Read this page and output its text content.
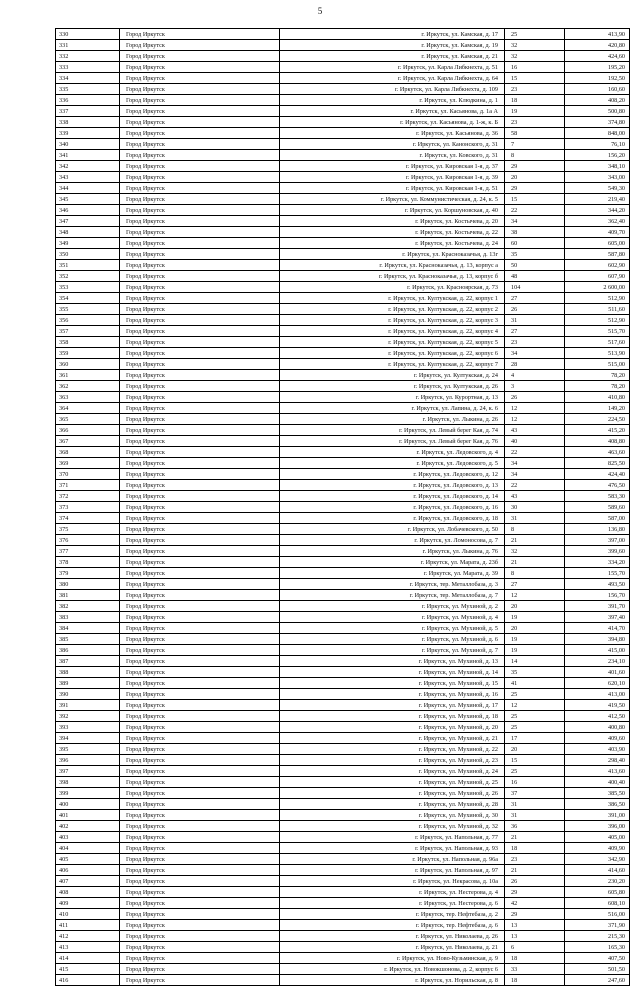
5
330	Город Иркутск	г. Иркутск, ул. Камская, д. 17	25	413,90
331	Город Иркутск	г. Иркутск, ул. Камская, д. 19	32	420,80
332	Город Иркутск	г. Иркутск, ул. Камская, д. 21	32	424,60
333	Город Иркутск	г. Иркутск, ул. Карла Либкнехта, д. 51	16	195,20
334	Город Иркутск	г. Иркутск, ул. Карла Либкнехта, д. 64	15	192,50
335	Город Иркутск	г. Иркутск, ул. Карла Либкнехта, д. 109	23	160,60
336	Город Иркутск	г. Иркутск, ул. Клюдкина, д. 1	18	408,20
337	Город Иркутск	г. Иркутск, ул. Касьянова, д. 1а А	19	500,80
338	Город Иркутск	г. Иркутск, ул. Касьянова, д. 1-ж, к. Б	23	374,80
339	Город Иркутск	г. Иркутск, ул. Касьянова, д. 36	58	848,00
340	Город Иркутск	г. Иркутск, ул. Канонского, д. 31	7	76,10
341	Город Иркутск	г. Иркутск, ул. Ковского, д. 31	8	156,20
342	Город Иркутск	г. Иркутск, ул. Кировская 1-я, д. 37	29	348,10
343	Город Иркутск	г. Иркутск, ул. Кировская 1-я, д. 39	20	343,00
344	Город Иркутск	г. Иркутск, ул. Кировская 1-я, д. 51	29	549,30
345	Город Иркутск	г. Иркутск, ул. Коммунистическая, д. 24, к. 5	15	219,40
346	Город Иркутск	г. Иркутск, ул. Коршуновская, д. 40	22	344,20
347	Город Иркутск	г. Иркутск, ул. Костычева, д. 20	34	362,40
348	Город Иркутск	г. Иркутск, ул. Костычева, д. 22	38	409,70
349	Город Иркутск	г. Иркутск, ул. Костычева, д. 24	60	605,00
350	Город Иркутск	г. Иркутск, ул. Красноказачья, д. 13г	35	587,80
351	Город Иркутск	г. Иркутск, ул. Красноказачья, д. 13, корпус а	50	602,90
352	Город Иркутск	г. Иркутск, ул. Красноказачья, д. 13, корпус б	48	607,90
353	Город Иркутск	г. Иркутск, ул. Красноярская, д. 73	104	2 600,00
354	Город Иркутск	г. Иркутск, ул. Култукская, д. 22, корпус 1	27	512,90
355	Город Иркутск	г. Иркутск, ул. Култукская, д. 22, корпус 2	26	511,60
356	Город Иркутск	г. Иркутск, ул. Култукская, д. 22, корпус 3	31	512,90
357	Город Иркутск	г. Иркутск, ул. Култукская, д. 22, корпус 4	27	515,70
358	Город Иркутск	г. Иркутск, ул. Култукская, д. 22, корпус 5	23	517,60
359	Город Иркутск	г. Иркутск, ул. Култукская, д. 22, корпус 6	34	513,90
360	Город Иркутск	г. Иркутск, ул. Култукская, д. 22, корпус 7	28	515,00
361	Город Иркутск	г. Иркутск, ул. Култукская, д. 24	4	78,20
362	Город Иркутск	г. Иркутск, ул. Култукская, д. 26	3	78,20
363	Город Иркутск	г. Иркутск, ул. Курортная, д. 13	26	410,80
364	Город Иркутск	г. Иркутск, ул. Лапина, д. 24, к. 6	12	149,20
365	Город Иркутск	г. Иркутск, ул. Лыкина, д. 26	12	224,50
366	Город Иркутск	г. Иркутск, ул. Левый берег Кая, д. 74	43	415,20
367	Город Иркутск	г. Иркутск, ул. Левый берег Кая, д. 76	40	408,80
368	Город Иркутск	г. Иркутск, ул. Ледовского, д. 4	22	463,60
369	Город Иркутск	г. Иркутск, ул. Ледовского, д. 5	34	825,50
370	Город Иркутск	г. Иркутск, ул. Ледовского, д. 12	34	424,40
371	Город Иркутск	г. Иркутск, ул. Ледовского, д. 13	22	476,50
372	Город Иркутск	г. Иркутск, ул. Ледовского, д. 14	43	583,30
373	Город Иркутск	г. Иркутск, ул. Ледовского, д. 16	30	589,60
374	Город Иркутск	г. Иркутск, ул. Ледовского, д. 18	31	587,00
375	Город Иркутск	г. Иркутск, ул. Лобачевского, д. 50	8	136,80
376	Город Иркутск	г. Иркутск, ул. Ломоносова, д. 7	21	397,00
377	Город Иркутск	г. Иркутск, ул. Лыкина, д. 76	32	399,60
378	Город Иркутск	г. Иркутск, ул. Марата, д. 23б	21	334,20
379	Город Иркутск	г. Иркутск, ул. Марата, д. 39	8	155,70
380	Город Иркутск	г. Иркутск, тер. Металлобаза, д. 3	27	493,50
381	Город Иркутск	г. Иркутск, тер. Металлобаза, д. 7	12	156,70
382	Город Иркутск	г. Иркутск, ул. Мухиной, д. 2	20	391,70
383	Город Иркутск	г. Иркутск, ул. Мухиной, д. 4	19	397,40
384	Город Иркутск	г. Иркутск, ул. Мухиной, д. 5	20	414,70
385	Город Иркутск	г. Иркутск, ул. Мухиной, д. 6	19	394,80
386	Город Иркутск	г. Иркутск, ул. Мухиной, д. 7	19	415,00
387	Город Иркутск	г. Иркутск, ул. Мухиной, д. 13	14	234,10
388	Город Иркутск	г. Иркутск, ул. Мухиной, д. 14	35	401,60
389	Город Иркутск	г. Иркутск, ул. Мухиной, д. 15	41	620,10
390	Город Иркутск	г. Иркутск, ул. Мухиной, д. 16	25	413,00
391	Город Иркутск	г. Иркутск, ул. Мухиной, д. 17	12	419,50
392	Город Иркутск	г. Иркутск, ул. Мухиной, д. 18	25	412,50
393	Город Иркутск	г. Иркутск, ул. Мухиной, д. 20	25	400,80
394	Город Иркутск	г. Иркутск, ул. Мухиной, д. 21	17	409,60
395	Город Иркутск	г. Иркутск, ул. Мухиной, д. 22	20	403,90
396	Город Иркутск	г. Иркутск, ул. Мухиной, д. 23	15	298,40
397	Город Иркутск	г. Иркутск, ул. Мухиной, д. 24	25	413,60
398	Город Иркутск	г. Иркутск, ул. Мухиной, д. 25	16	400,40
399	Город Иркутск	г. Иркутск, ул. Мухиной, д. 26	37	385,50
400	Город Иркутск	г. Иркутск, ул. Мухиной, д. 28	31	386,50
401	Город Иркутск	г. Иркутск, ул. Мухиной, д. 30	31	391,00
402	Город Иркутск	г. Иркутск, ул. Мухиной, д. 32	36	396,00
403	Город Иркутск	г. Иркутск, ул. Напольная, д. 77	21	405,00
404	Город Иркутск	г. Иркутск, ул. Напольная, д. 93	18	409,90
405	Город Иркутск	г. Иркутск, ул. Напольная, д. 96а	23	342,90
406	Город Иркутск	г. Иркутск, ул. Напольная, д. 97	21	414,60
407	Город Иркутск	г. Иркутск, ул. Некрасова, д. 10а	26	230,20
408	Город Иркутск	г. Иркутск, ул. Нестерова, д. 4	29	605,80
409	Город Иркутск	г. Иркутск, ул. Нестерова, д. 6	42	608,10
410	Город Иркутск	г. Иркутск, тер. Нефтебаза, д. 2	29	516,00
411	Город Иркутск	г. Иркутск, тер. Нефтебаза, д. 6	13	371,90
412	Город Иркутск	г. Иркутск, ул. Николаева, д. 26	13	215,30
413	Город Иркутск	г. Иркутск, ул. Николаева, д. 21	6	165,30
414	Город Иркутск	г. Иркутск, ул. Ново-Кузьминская, д. 9	18	407,50
415	Город Иркутск	г. Иркутск, ул. Новокшонова, д. 2, корпус 6	33	501,50
416	Город Иркутск	г. Иркутск, ул. Норильская, д. 8	18	247,60
